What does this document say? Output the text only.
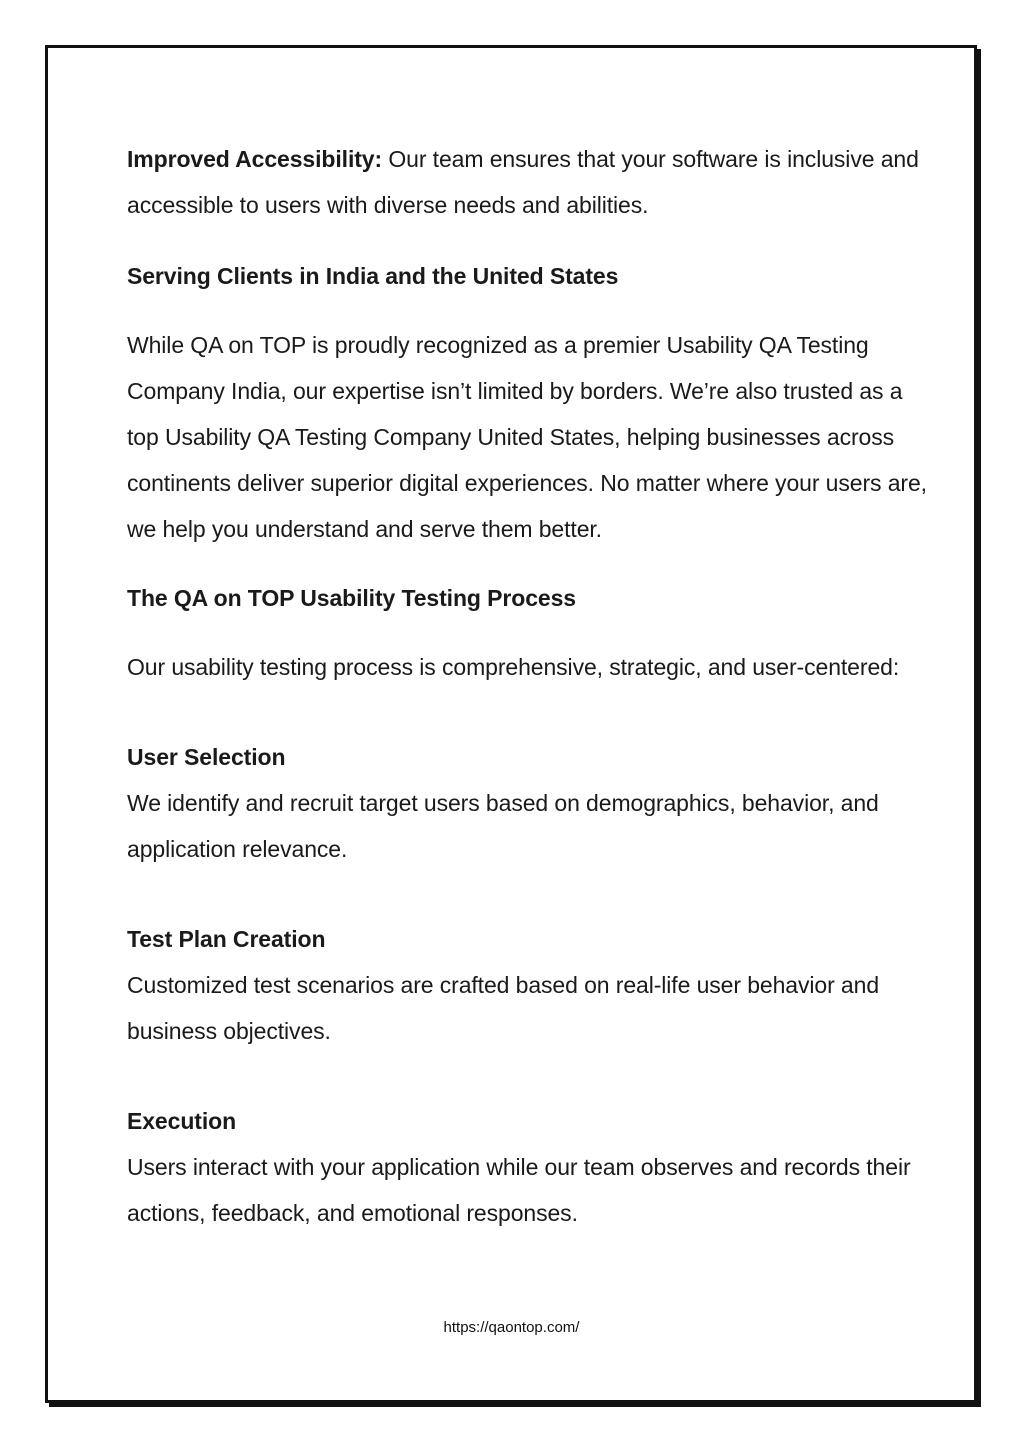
Improved Accessibility: Our team ensures that your software is inclusive and accessible to users with diverse needs and abilities.

Serving Clients in India and the United States

While QA on TOP is proudly recognized as a premier Usability QA Testing Company India, our expertise isn’t limited by borders. We’re also trusted as a top Usability QA Testing Company United States, helping businesses across continents deliver superior digital experiences. No matter where your users are, we help you understand and serve them better.

The QA on TOP Usability Testing Process

Our usability testing process is comprehensive, strategic, and user-centered:

User Selection

We identify and recruit target users based on demographics, behavior, and application relevance.

Test Plan Creation

Customized test scenarios are crafted based on real-life user behavior and business objectives.

Execution

Users interact with your application while our team observes and records their actions, feedback, and emotional responses.

https://qaontop.com/
